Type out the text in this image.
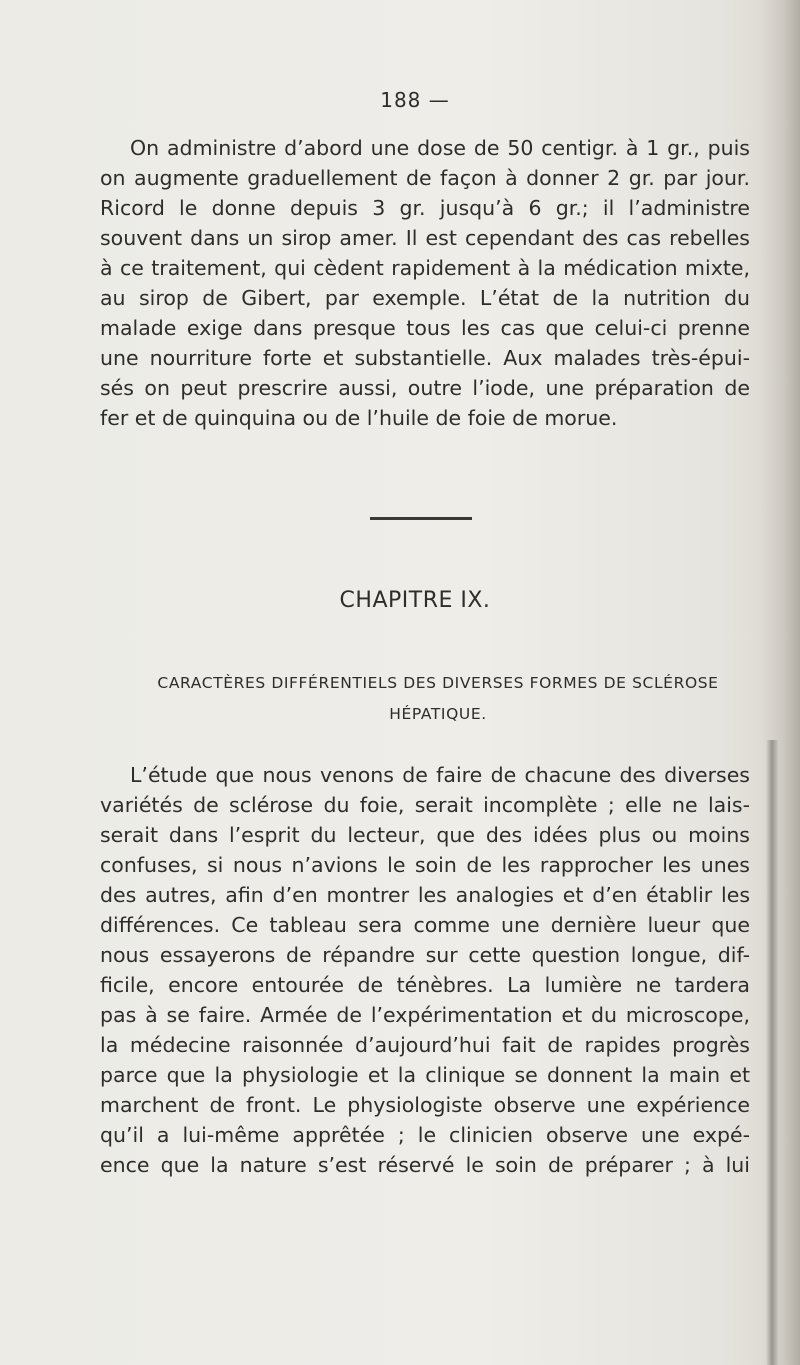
188 —

On administre d’abord une dose de 50 centigr. à 1 gr., puis
on augmente graduellement de façon à donner 2 gr. par jour.
Ricord le donne depuis 3 gr. jusqu’à 6 gr.; il l’administre
souvent dans un sirop amer. Il est cependant des cas rebelles
à ce traitement, qui cèdent rapidement à la médication mixte,
au sirop de Gibert, par exemple. L’état de la nutrition du
malade exige dans presque tous les cas que celui-ci prenne
une nourriture forte et substantielle. Aux malades très-épui-
sés on peut prescrire aussi, outre l’iode, une préparation de
fer et de quinquina ou de l’huile de foie de morue.

CHAPITRE IX.
CARACTÈRES DIFFÉRENTIELS DES DIVERSES FORMES DE SCLÉROSE
HÉPATIQUE.

L’étude que nous venons de faire de chacune des diverses
variétés de sclérose du foie, serait incomplète ; elle ne lais-
serait dans l’esprit du lecteur, que des idées plus ou moins
confuses, si nous n’avions le soin de les rapprocher les unes
des autres, afin d’en montrer les analogies et d’en établir les
différences. Ce tableau sera comme une dernière lueur que
nous essayerons de répandre sur cette question longue, dif-
ficile, encore entourée de ténèbres. La lumière ne tardera
pas à se faire. Armée de l’expérimentation et du microscope,
la médecine raisonnée d’aujourd’hui fait de rapides progrès
parce que la physiologie et la clinique se donnent la main et
marchent de front. Le physiologiste observe une expérience
qu’il a lui-même apprêtée ; le clinicien observe une expé-
ence que la nature s’est réservé le soin de préparer ; à lui
